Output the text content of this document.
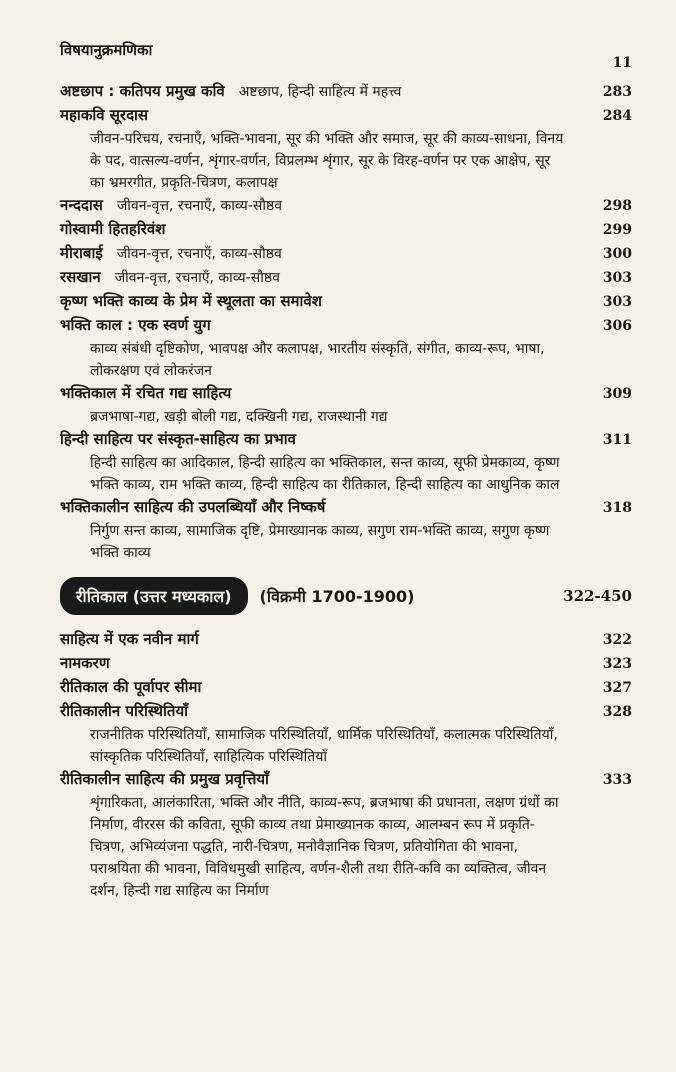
विषयानुक्रमणिका
11
अष्टछाप : कतिपय प्रमुख कवि अष्टछाप, हिन्दी साहित्य में महत्त्व	283
महाकवि सूरदास	284
जीवन-परिचय, रचनाएँ, भक्ति-भावना, सूर की भक्ति और समाज, सूर की काव्य-साधना, विनय के पद, वात्सल्य-वर्णन, शृंगार-वर्णन, विप्रलम्भ शृंगार, सूर के विरह-वर्णन पर एक आक्षेप, सूर का भ्रमरगीत, प्रकृति-चित्रण, कलापक्ष
नन्ददास जीवन-वृत्त, रचनाएँ, काव्य-सौष्ठव	298
गोस्वामी हितहरिवंश	299
मीराबाई जीवन-वृत्त, रचनाएँ, काव्य-सौष्ठव	300
रसखान जीवन-वृत्त, रचनाएँ, काव्य-सौष्ठव	303
कृष्ण भक्ति काव्य के प्रेम में स्थूलता का समावेश	303
भक्ति काल : एक स्वर्ण युग	306
काव्य संबंधी दृष्टिकोण, भावपक्ष और कलापक्ष, भारतीय संस्कृति, संगीत, काव्य-रूप, भाषा, लोकरक्षण एवं लोकरंजन
भक्तिकाल में रचित गद्य साहित्य	309
ब्रजभाषा-गद्य, खड़ी बोली गद्य, दक्खिनी गद्य, राजस्थानी गद्य
हिन्दी साहित्य पर संस्कृत-साहित्य का प्रभाव	311
हिन्दी साहित्य का आदिकाल, हिन्दी साहित्य का भक्तिकाल, सन्त काव्य, सूफी प्रेमकाव्य, कृष्ण भक्ति काव्य, राम भक्ति काव्य, हिन्दी साहित्य का रीतिकाल, हिन्दी साहित्य का आधुनिक काल
भक्तिकालीन साहित्य की उपलब्धियाँ और निष्कर्ष	318
निर्गुण सन्त काव्य, सामाजिक दृष्टि, प्रेमाख्यानक काव्य, सगुण राम-भक्ति काव्य, सगुण कृष्ण भक्ति काव्य
रीतिकाल (उत्तर मध्यकाल)	(विक्रमी 1700-1900)	322-450
साहित्य में एक नवीन मार्ग	322
नामकरण	323
रीतिकाल की पूर्वापर सीमा	327
रीतिकालीन परिस्थितियाँ	328
राजनीतिक परिस्थितियाँ, सामाजिक परिस्थितियाँ, धार्मिक परिस्थितियाँ, कलात्मक परिस्थितियाँ, सांस्कृतिक परिस्थितियाँ, साहित्यिक परिस्थितियाँ
रीतिकालीन साहित्य की प्रमुख प्रवृत्तियाँ	333
शृंगारिकता, आलंकारिता, भक्ति और नीति, काव्य-रूप, ब्रजभाषा की प्रधानता, लक्षण ग्रंथों का निर्माण, वीररस की कविता, सूफी काव्य तथा प्रेमाख्यानक काव्य, आलम्बन रूप में प्रकृति-चित्रण, अभिव्यंजना पद्धति, नारी-चित्रण, मनोवैज्ञानिक चित्रण, प्रतियोगिता की भावना, पराश्रयिता की भावना, विविधमुखी साहित्य, वर्णन-शैली तथा रीति-कवि का व्यक्तित्व, जीवन दर्शन, हिन्दी गद्य साहित्य का निर्माण
